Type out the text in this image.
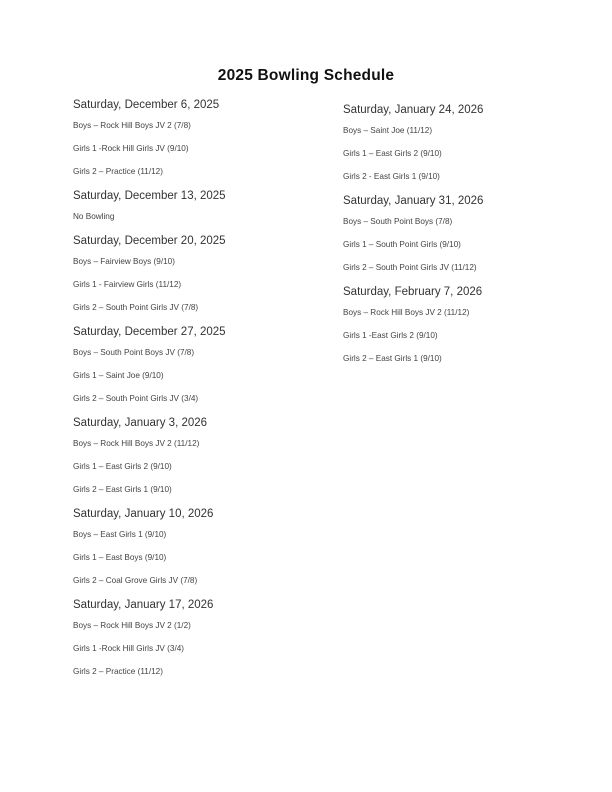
2025 Bowling Schedule
Saturday, December 6, 2025
Boys – Rock Hill Boys JV 2 (7/8)
Girls 1 -Rock Hill Girls JV (9/10)
Girls 2 – Practice (11/12)
Saturday, December 13, 2025
No Bowling
Saturday, December 20, 2025
Boys – Fairview Boys (9/10)
Girls 1 - Fairview Girls (11/12)
Girls 2 – South Point Girls JV (7/8)
Saturday, December 27, 2025
Boys – South Point Boys JV (7/8)
Girls 1 – Saint Joe (9/10)
Girls 2 – South Point Girls JV (3/4)
Saturday, January 3, 2026
Boys – Rock Hill Boys JV 2 (11/12)
Girls 1 – East Girls 2 (9/10)
Girls 2 – East Girls 1 (9/10)
Saturday, January 10, 2026
Boys – East Girls 1 (9/10)
Girls 1 – East Boys (9/10)
Girls 2 – Coal Grove Girls JV (7/8)
Saturday, January 17, 2026
Boys – Rock Hill Boys JV 2 (1/2)
Girls 1 -Rock Hill Girls JV (3/4)
Girls 2 – Practice (11/12)
Saturday, January 24, 2026
Boys – Saint Joe (11/12)
Girls 1 – East Girls 2 (9/10)
Girls 2 - East Girls 1 (9/10)
Saturday, January 31, 2026
Boys – South Point Boys (7/8)
Girls 1 – South Point Girls (9/10)
Girls 2 – South Point Girls JV (11/12)
Saturday, February 7, 2026
Boys – Rock Hill Boys JV 2 (11/12)
Girls 1 -East Girls 2 (9/10)
Girls 2 – East Girls 1 (9/10)
